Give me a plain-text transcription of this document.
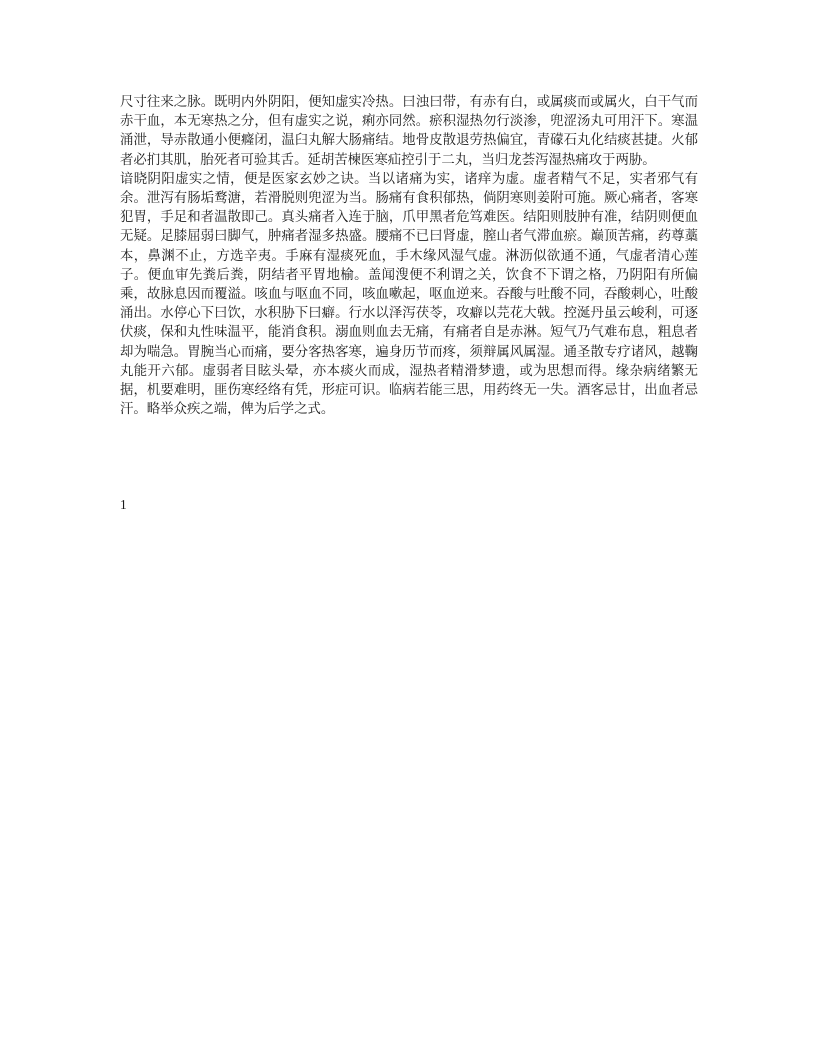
尺寸往来之脉。既明内外阴阳，便知虚实冷热。曰浊曰带，有赤有白，或属痰而或属火，白干气而赤干血，本无寒热之分，但有虚实之说，痢亦同然。瘀积湿热勿行淡渗，兜涩汤丸可用汗下。寒温涌泄，导赤散通小便癃闭，温臼丸解大肠痛结。地骨皮散退劳热偏宜，青礞石丸化结痰甚捷。火郁者必扪其肌，胎死者可验其舌。延胡苦楝医寒疝控引于二丸，当归龙荟泻湿热痛攻于两胁。

谙晓阴阳虚实之情，便是医家玄妙之诀。当以诸痛为实，诸痒为虚。虚者精气不足，实者邪气有余。泄泻有肠垢鹜溏，若滑脱则兜涩为当。肠痛有食积郁热，倘阴寒则姜附可施。厥心痛者，客寒犯胃，手足和者温散即己。真头痛者入连于脑，爪甲黑者危笃难医。结阳则肢肿有准，结阴则便血无疑。足膝屈弱曰脚气，肿痛者湿多热盛。腰痛不已曰肾虚，膣山者气滞血瘀。巅顶苦痛，药尊藁本，鼻渊不止，方选辛夷。手麻有湿痰死血，手木缘风湿气虚。淋沥似欲通不通，气虚者清心莲子。便血审先粪后粪，阴结者平胃地榆。盖闻溲便不利谓之关，饮食不下谓之格，乃阴阳有所偏乘，故脉息因而覆溢。咳血与呕血不同，咳血嗽起，呕血逆来。吞酸与吐酸不同，吞酸刺心，吐酸涌出。水停心下曰饮，水积胁下曰癖。行水以泽泻茯苓，攻癖以芫花大戟。控涎丹虽云峻利，可逐伏痰，保和丸性味温平，能消食积。溺血则血去无痛，有痛者自是赤淋。短气乃气难布息，粗息者却为喘急。胃腕当心而痛，要分客热客寒，遍身历节而疼，须辩属风属湿。通圣散专疗诸风，越鞠丸能开六郁。虚弱者目眩头晕，亦本痰火而成，湿热者精滑梦遗，或为思想而得。缘杂病绪繁无据，机要难明，匪伤寒经络有凭，形症可识。临病若能三思，用药终无一失。酒客忌甘，出血者忌汗。略举众疾之端，俾为后学之式。

1
